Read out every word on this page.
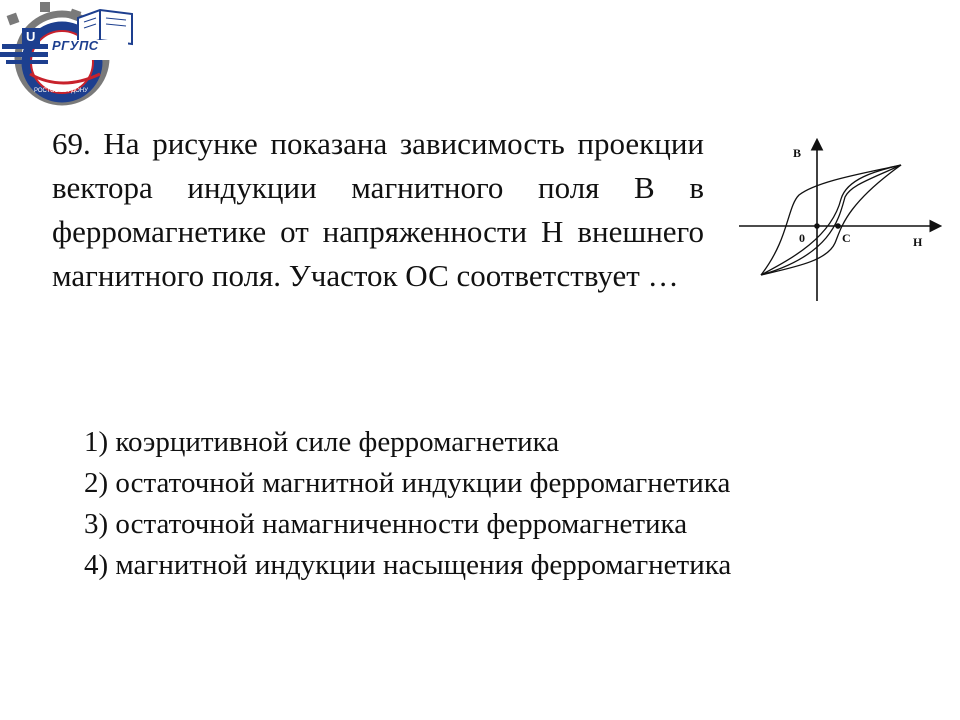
U
РОСТОВ-НА-ДОНУ
РГУПС
69. На рисунке показана зависимость проекции вектора индукции магнитного поля В в ферромагнетике от напряженности Н внешнего магнитного поля. Участок ОС соответствует …
B
H
0	C
1) коэрцитивной силе ферромагнетика
2) остаточной магнитной индукции ферромагнетика
3) остаточной намагниченности ферромагнетика
4) магнитной индукции насыщения ферромагнетика
